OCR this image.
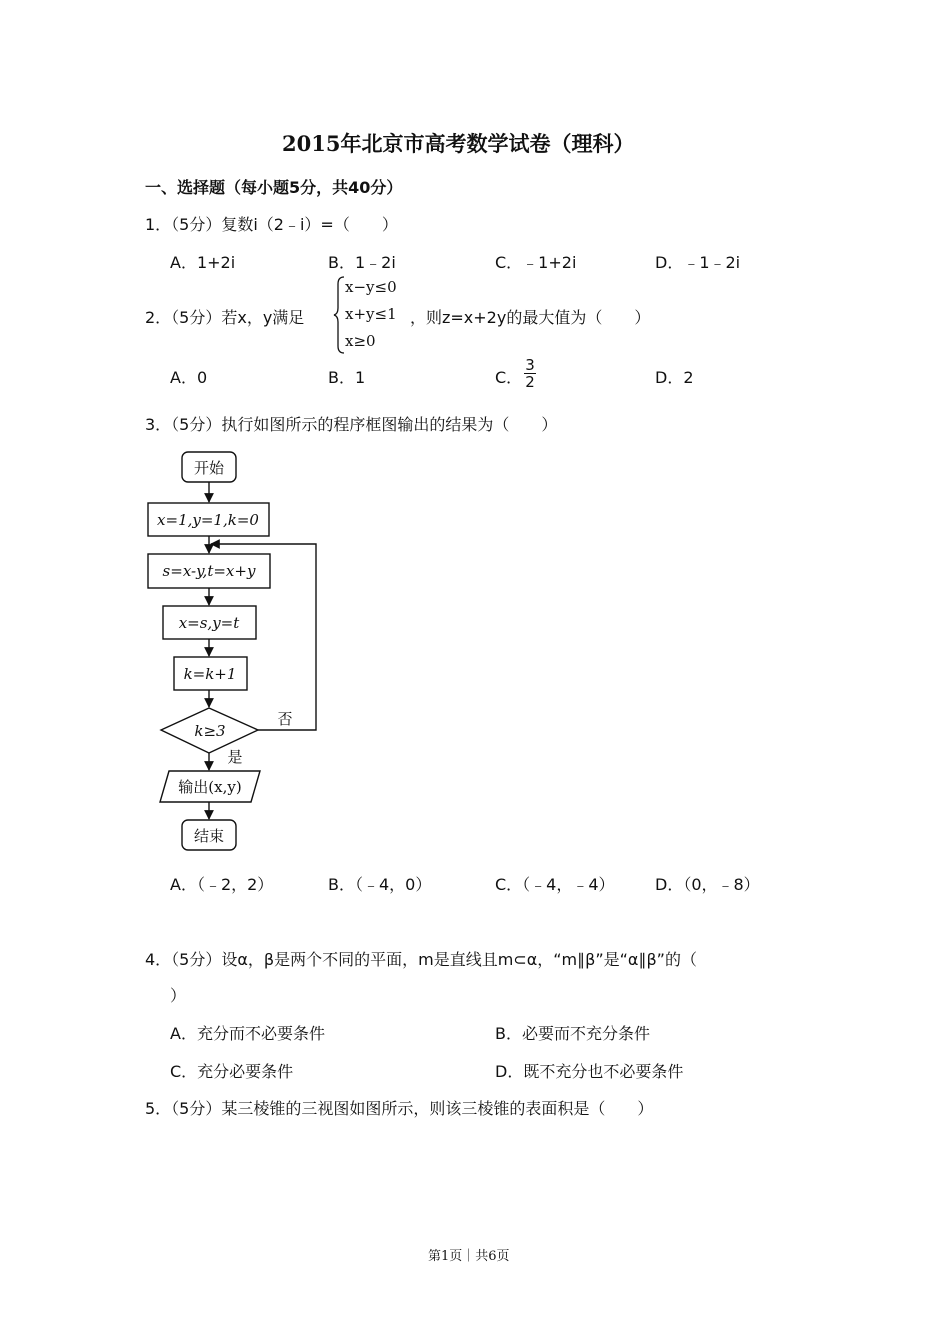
2015年北京市高考数学试卷（理科）
一、选择题（每小题5分，共40分）
1．（5分）复数i（2﹣i）=（　　）
A．1+2i	B．1﹣2i	C．﹣1+2i	D．﹣1﹣2i
2．（5分）若x，y满足
x−y≤0
x+y≤1
x≥0
，则z=x+2y的最大值为（　　）
A．0	B．1	C．
3
2	D．2
3．（5分）执行如图所示的程序框图输出的结果为（　　）
开始
x=1,y=1,k=0
s=x-y,t=x+y
x=s,y=t
k=k+1
k≥3
否
是
输出(x,y)
结束
A．（﹣2，2）	B．（﹣4，0）	C．（﹣4，﹣4）	D．（0，﹣8）
4．（5分）设α，β是两个不同的平面，m是直线且m⊂α，“m∥β”是“α∥β”的（
）
A．充分而不必要条件	B．必要而不充分条件
C．充分必要条件	D．既不充分也不必要条件
5．（5分）某三棱锥的三视图如图所示，则该三棱锥的表面积是（　　）
第1页｜共6页
